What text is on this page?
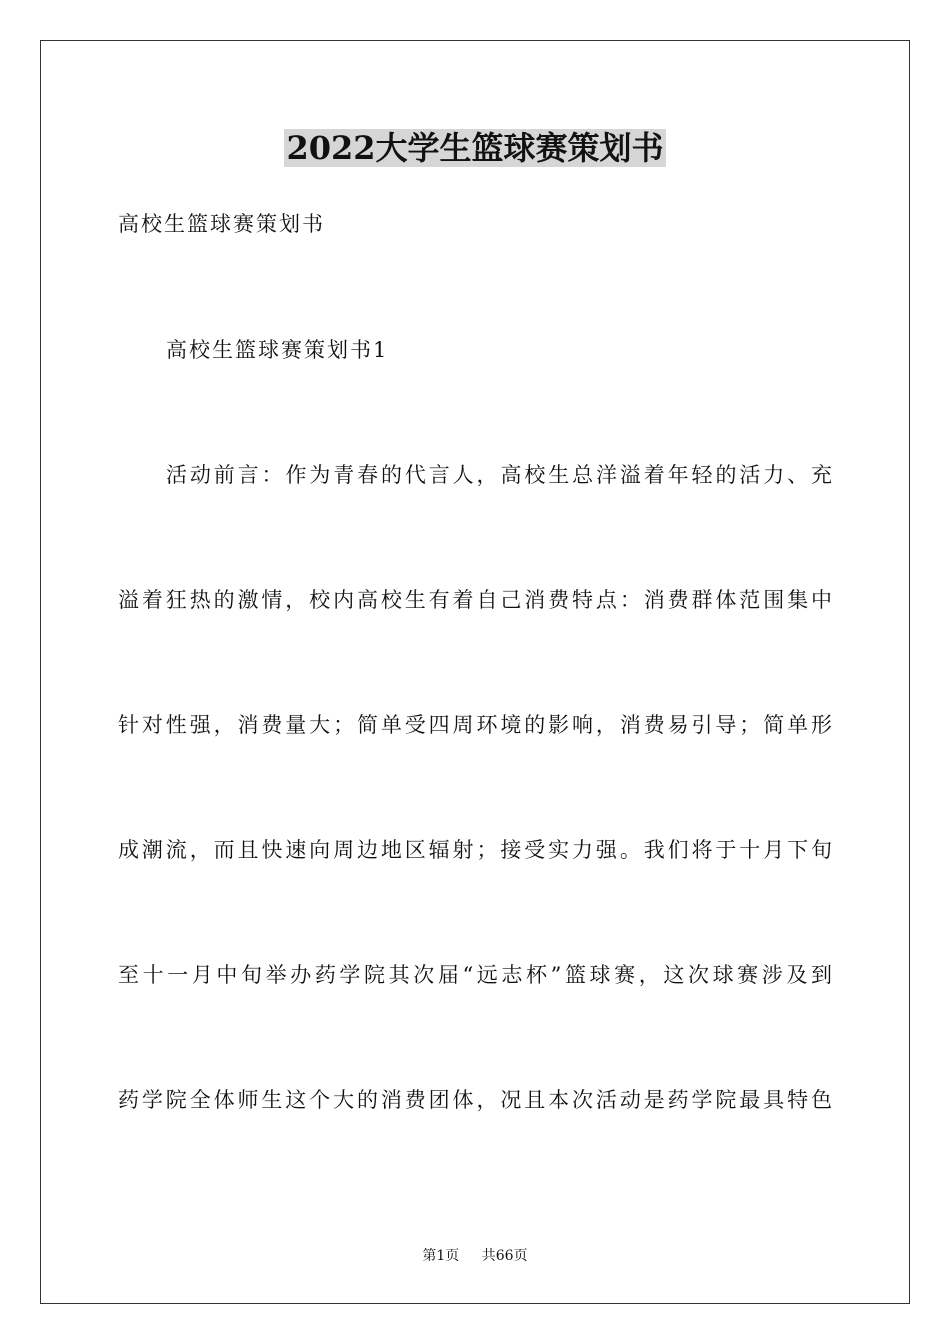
2022大学生篮球赛策划书
高校生篮球赛策划书
高校生篮球赛策划书1
活动前言：作为青春的代言人，高校生总洋溢着年轻的活力、充
溢着狂热的激情，校内高校生有着自己消费特点：消费群体范围集中
针对性强，消费量大；简单受四周环境的影响，消费易引导；简单形
成潮流，而且快速向周边地区辐射；接受实力强。我们将于十月下旬
至十一月中旬举办药学院其次届“远志杯”篮球赛，这次球赛涉及到
药学院全体师生这个大的消费团体，况且本次活动是药学院最具特色
第1页 共66页
